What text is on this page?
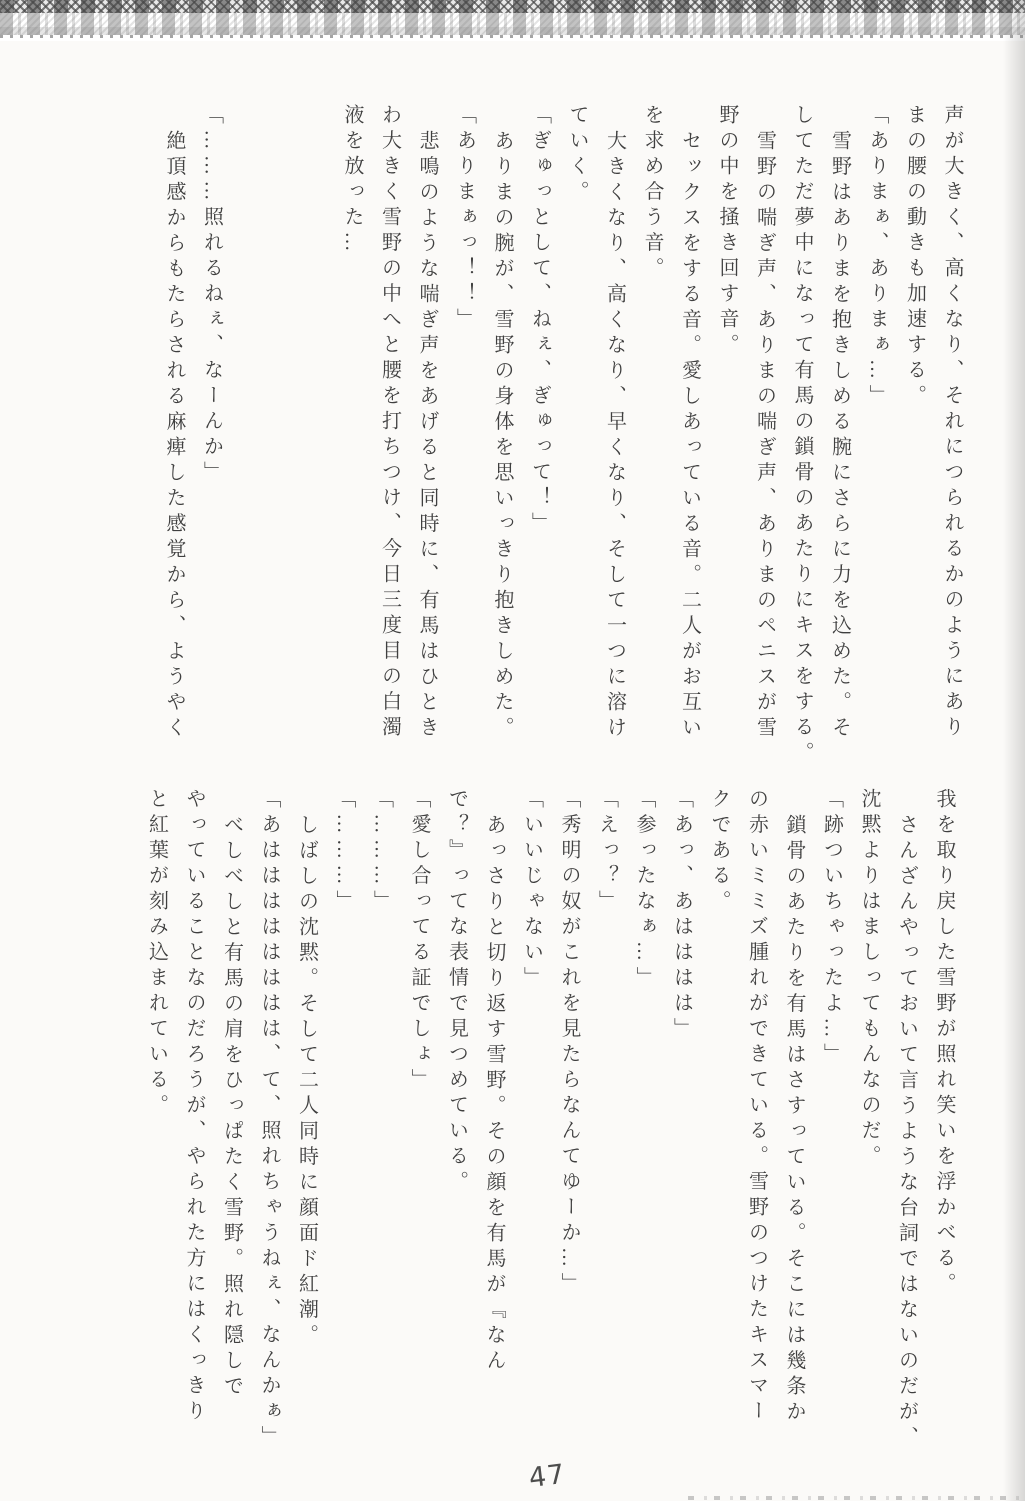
声が大きく、高くなり、それにつられるかのようにあり
まの腰の動きも加速する。
「ありまぁ、ありまぁ…」
雪野はありまを抱きしめる腕にさらに力を込めた。そ
してただ夢中になって有馬の鎖骨のあたりにキスをする。
雪野の喘ぎ声、ありまの喘ぎ声、ありまのペニスが雪
野の中を掻き回す音。
セックスをする音。愛しあっている音。二人がお互い
を求め合う音。
大きくなり、高くなり、早くなり、そして一つに溶け
ていく。
「ぎゅっとして、ねぇ、ぎゅって！」
ありまの腕が、雪野の身体を思いっきり抱きしめた。
「ありまぁっ！！」
悲鳴のような喘ぎ声をあげると同時に、有馬はひとき
わ大きく雪野の中へと腰を打ちつけ、今日三度目の白濁
液を放った…
「………照れるねぇ、なーんか」
絶頂感からもたらされる麻痺した感覚から、ようやく
我を取り戻した雪野が照れ笑いを浮かべる。
さんざんやっておいて言うような台詞ではないのだが、
沈黙よりはましってもんなのだ。
「跡ついちゃったよ…」
鎖骨のあたりを有馬はさすっている。そこには幾条か
の赤いミミズ腫れができている。雪野のつけたキスマー
クである。
「あっ、あはははは」
「参ったなぁ…」
「えっ？」
「秀明の奴がこれを見たらなんてゆーか…」
「いいじゃない」
あっさりと切り返す雪野。その顔を有馬が『なん
で？』ってな表情で見つめている。
「愛し合ってる証でしょ」
「………」
「………」
しばしの沈黙。そして二人同時に顔面ド紅潮。
「あはははははははは、て、照れちゃうねぇ、なんかぁ」
べしべしと有馬の肩をひっぱたく雪野。照れ隠しで
やっていることなのだろうが、やられた方にはくっきり
と紅葉が刻み込まれている。
47
